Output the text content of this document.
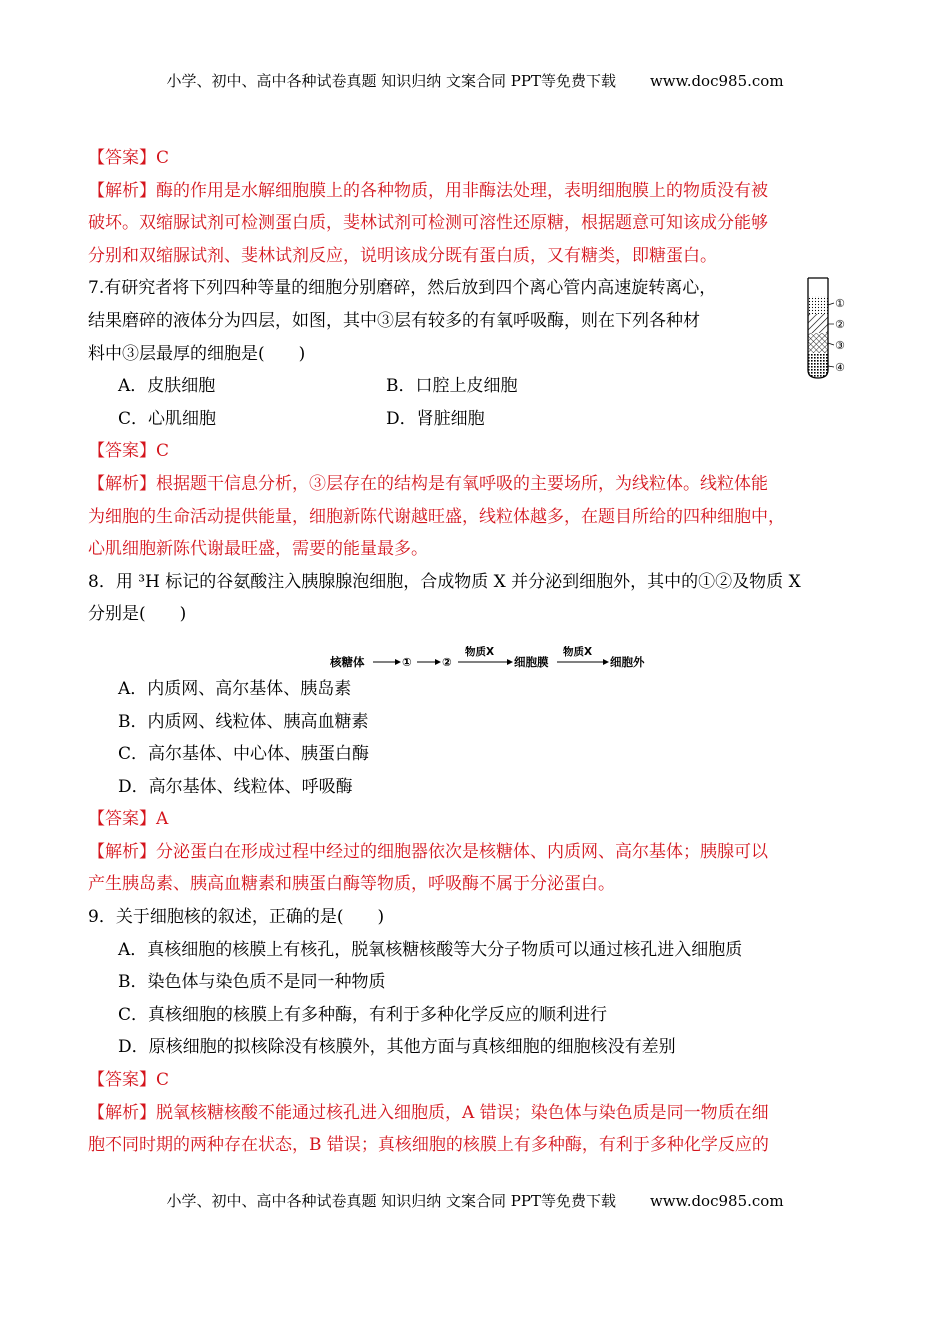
小学、初中、高中各种试卷真题 知识归纳 文案合同 PPT等免费下载 www.doc985.com
【答案】C
【解析】酶的作用是水解细胞膜上的各种物质，用非酶法处理，表明细胞膜上的物质没有被
破坏。双缩脲试剂可检测蛋白质，斐林试剂可检测可溶性还原糖，根据题意可知该成分能够
分别和双缩脲试剂、斐林试剂反应，说明该成分既有蛋白质，又有糖类，即糖蛋白。
7.有研究者将下列四种等量的细胞分别磨碎，然后放到四个离心管内高速旋转离心，
结果磨碎的液体分为四层，如图，其中③层有较多的有氧呼吸酶，则在下列各种材
料中③层最厚的细胞是(　　)
A．皮肤细胞	B．口腔上皮细胞
C．心肌细胞	D．肾脏细胞
【答案】C
【解析】根据题干信息分析，③层存在的结构是有氧呼吸的主要场所，为线粒体。线粒体能
为细胞的生命活动提供能量，细胞新陈代谢越旺盛，线粒体越多，在题目所给的四种细胞中，
心肌细胞新陈代谢最旺盛，需要的能量最多。
8．用 ³H 标记的谷氨酸注入胰腺腺泡细胞，合成物质 X 并分泌到细胞外，其中的①②及物质 X
分别是(　　)
A．内质网、高尔基体、胰岛素
B．内质网、线粒体、胰高血糖素
C．高尔基体、中心体、胰蛋白酶
D．高尔基体、线粒体、呼吸酶
【答案】A
【解析】分泌蛋白在形成过程中经过的细胞器依次是核糖体、内质网、高尔基体；胰腺可以
产生胰岛素、胰高血糖素和胰蛋白酶等物质，呼吸酶不属于分泌蛋白。
9．关于细胞核的叙述，正确的是(　　)
A．真核细胞的核膜上有核孔，脱氧核糖核酸等大分子物质可以通过核孔进入细胞质
B．染色体与染色质不是同一种物质
C．真核细胞的核膜上有多种酶，有利于多种化学反应的顺利进行
D．原核细胞的拟核除没有核膜外，其他方面与真核细胞的细胞核没有差别
【答案】C
【解析】脱氧核糖核酸不能通过核孔进入细胞质，A 错误；染色体与染色质是同一物质在细
胞不同时期的两种存在状态，B 错误；真核细胞的核膜上有多种酶，有利于多种化学反应的
①
②
③
④
核糖体	①	②
物质X
细胞膜
物质X
细胞外
小学、初中、高中各种试卷真题 知识归纳 文案合同 PPT等免费下载 www.doc985.com
